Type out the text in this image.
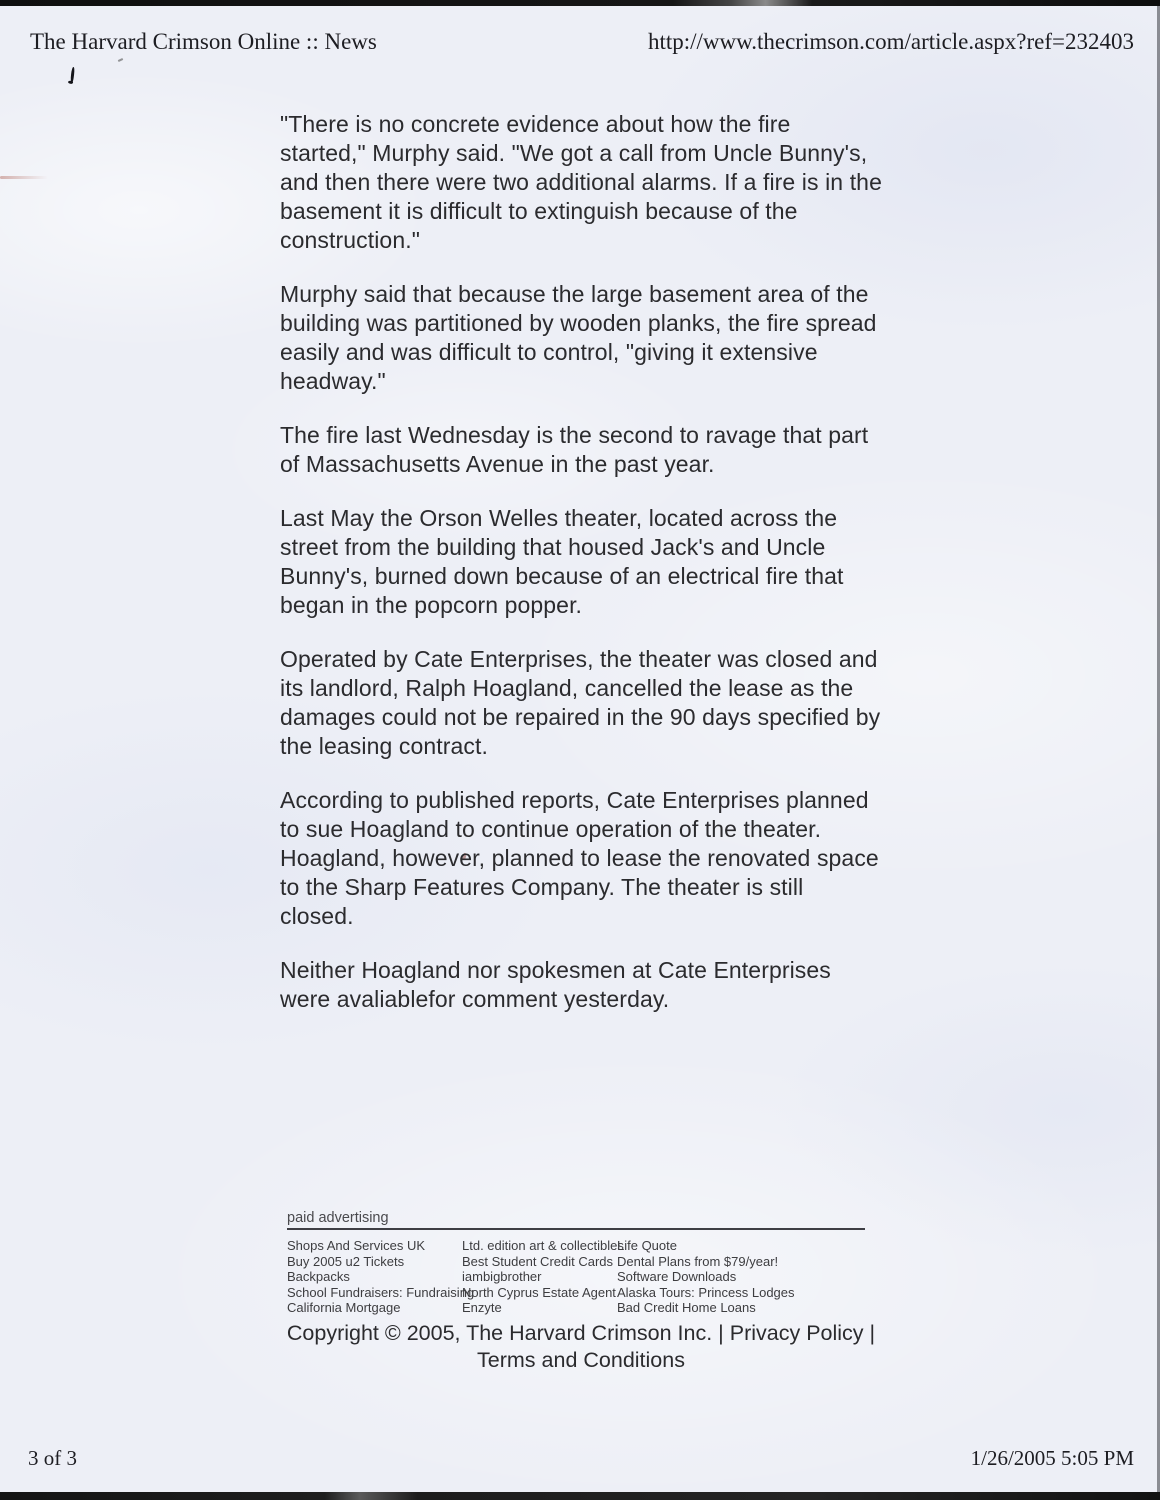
The Harvard Crimson Online :: News	http://www.thecrimson.com/article.aspx?ref=232403

"There is no concrete evidence about how the fire started," Murphy said. "We got a call from Uncle Bunny's, and then there were two additional alarms. If a fire is in the basement it is difficult to extinguish because of the construction."

Murphy said that because the large basement area of the building was partitioned by wooden planks, the fire spread easily and was difficult to control, "giving it extensive headway."

The fire last Wednesday is the second to ravage that part of Massachusetts Avenue in the past year.

Last May the Orson Welles theater, located across the street from the building that housed Jack's and Uncle Bunny's, burned down because of an electrical fire that began in the popcorn popper.

Operated by Cate Enterprises, the theater was closed and its landlord, Ralph Hoagland, cancelled the lease as the damages could not be repaired in the 90 days specified by the leasing contract.

According to published reports, Cate Enterprises planned to sue Hoagland to continue operation of the theater. Hoagland, however, planned to lease the renovated space to the Sharp Features Company. The theater is still closed.

Neither Hoagland nor spokesmen at Cate Enterprises were avaliablefor comment yesterday.

paid advertising
Shops And Services UK
Buy 2005 u2 Tickets
Backpacks
School Fundraisers: Fundraising
California Mortgage
Ltd. edition art & collectibles
Best Student Credit Cards
iambigbrother
North Cyprus Estate Agent
Enzyte
Life Quote
Dental Plans from $79/year!
Software Downloads
Alaska Tours: Princess Lodges
Bad Credit Home Loans
Copyright © 2005, The Harvard Crimson Inc. | Privacy Policy |
Terms and Conditions
3 of 3	1/26/2005 5:05 PM
